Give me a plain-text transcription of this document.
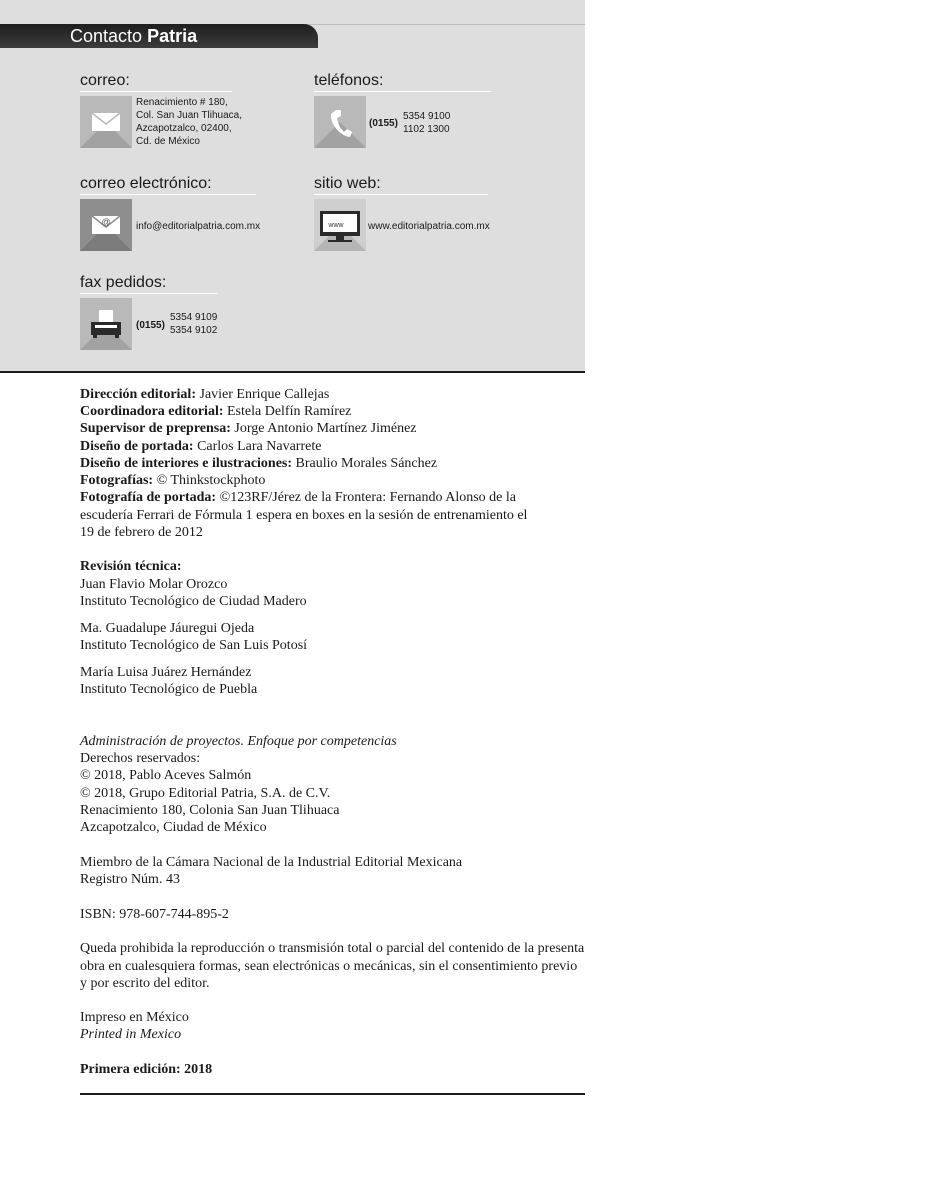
Contacto Patria
correo:
Renacimiento # 180,
Col. San Juan Tlihuaca,
Azcapotzalco, 02400,
Cd. de México
teléfonos:
(0155)
5354 9100
1102 1300
correo electrónico:
@	info@editorialpatria.com.mx
sitio web:
www www.editorialpatria.com.mx
fax pedidos:
(0155)
5354 9109
5354 9102
Dirección editorial: Javier Enrique Callejas
Coordinadora editorial: Estela Delfín Ramírez
Supervisor de preprensa: Jorge Antonio Martínez Jiménez
Diseño de portada: Carlos Lara Navarrete
Diseño de interiores e ilustraciones: Braulio Morales Sánchez
Fotografías: © Thinkstockphoto
Fotografía de portada: ©123RF/Jérez de la Frontera: Fernando Alonso de la
escudería Ferrari de Fórmula 1 espera en boxes en la sesión de entrenamiento el
19 de febrero de 2012
Revisión técnica:
Juan Flavio Molar Orozco
Instituto Tecnológico de Ciudad Madero
Ma. Guadalupe Jáuregui Ojeda
Instituto Tecnológico de San Luis Potosí
María Luisa Juárez Hernández
Instituto Tecnológico de Puebla
Administración de proyectos. Enfoque por competencias
Derechos reservados:
© 2018, Pablo Aceves Salmón
© 2018, Grupo Editorial Patria, S.A. de C.V.
Renacimiento 180, Colonia San Juan Tlihuaca
Azcapotzalco, Ciudad de México
Miembro de la Cámara Nacional de la Industrial Editorial Mexicana
Registro Núm. 43
ISBN: 978-607-744-895-2
Queda prohibida la reproducción o transmisión total o parcial del contenido de la presenta
obra en cualesquiera formas, sean electrónicas o mecánicas, sin el consentimiento previo
y por escrito del editor.
Impreso en México
Printed in Mexico
Primera edición: 2018
